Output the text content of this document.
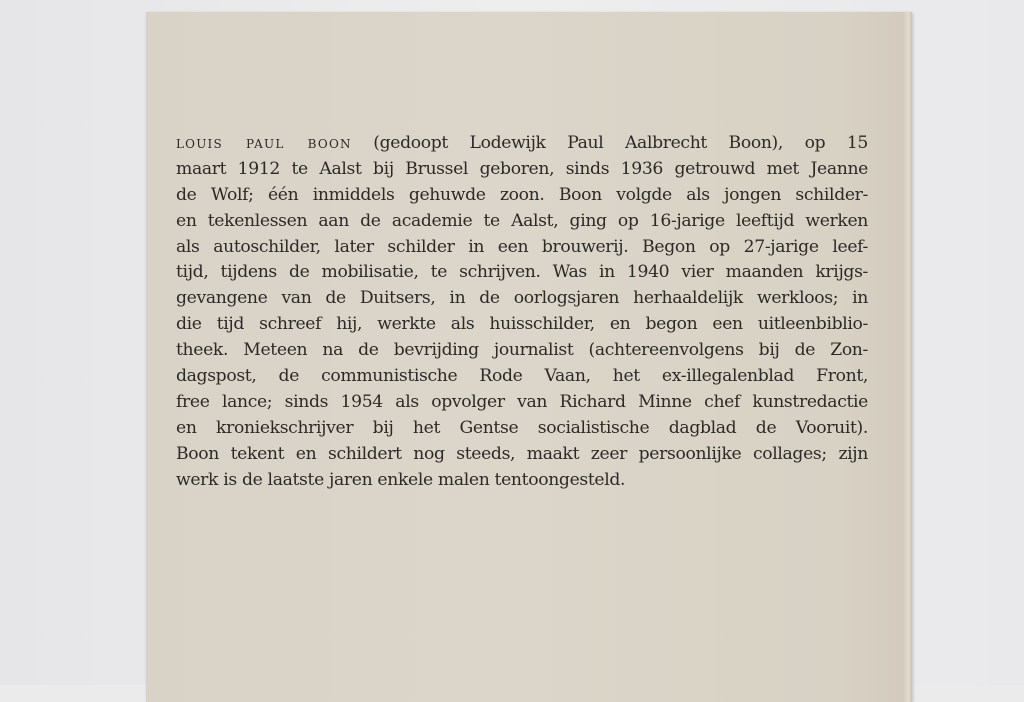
louis paul boon (gedoopt Lodewijk Paul Aalbrecht Boon), op 15
maart 1912 te Aalst bij Brussel geboren, sinds 1936 getrouwd met Jeanne
de Wolf; één inmiddels gehuwde zoon. Boon volgde als jongen schilder-
en tekenlessen aan de academie te Aalst, ging op 16-jarige leeftijd werken
als autoschilder, later schilder in een brouwerij. Begon op 27-jarige leef-
tijd, tijdens de mobilisatie, te schrijven. Was in 1940 vier maanden krijgs-
gevangene van de Duitsers, in de oorlogsjaren herhaaldelijk werkloos; in
die tijd schreef hij, werkte als huisschilder, en begon een uitleenbiblio-
theek. Meteen na de bevrijding journalist (achtereenvolgens bij de Zon-
dagspost, de communistische Rode Vaan, het ex-illegalenblad Front,
free lance; sinds 1954 als opvolger van Richard Minne chef kunstredactie
en kroniekschrijver bij het Gentse socialistische dagblad de Vooruit).
Boon tekent en schildert nog steeds, maakt zeer persoonlijke collages; zijn
werk is de laatste jaren enkele malen tentoongesteld.
